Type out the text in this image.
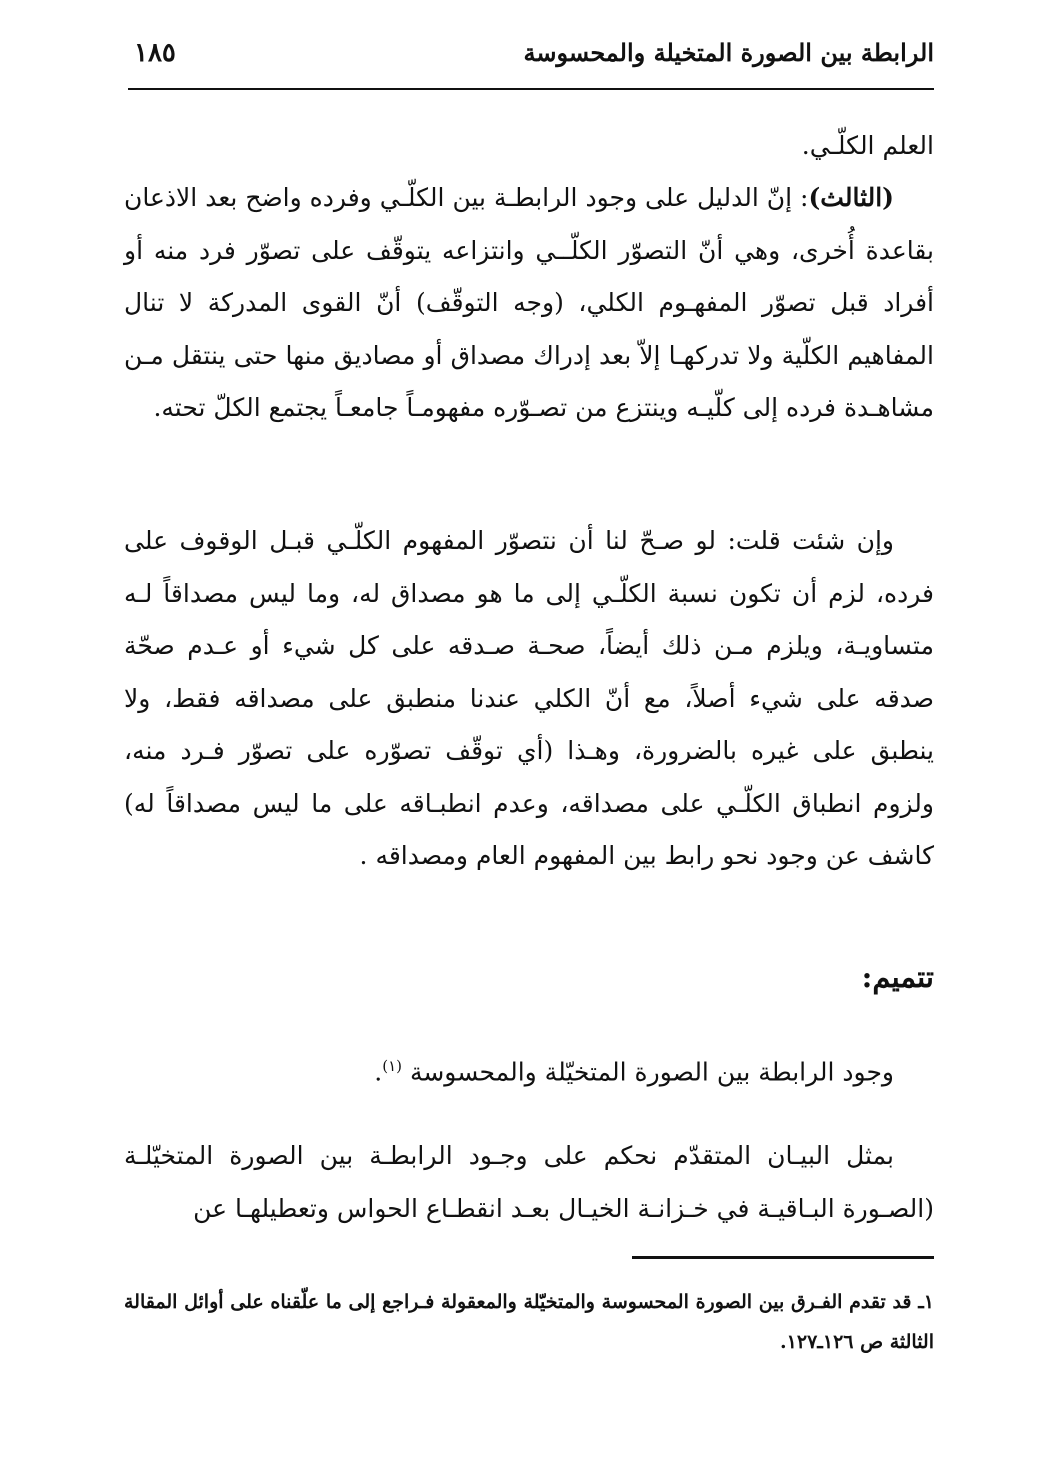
الرابطة بين الصورة المتخيلة والمحسوسة
١٨٥

العلم الكلّـي.

(الثالث): إنّ الدليل على وجود الرابطـة بين الكلّـي وفرده واضح بعد الاذعان بقاعدة أُخرى، وهي أنّ التصوّر الكلّــي وانتزاعه يتوقّف على تصوّر فرد منه أو أفراد قبل تصوّر المفهـوم الكلي، (وجه التوقّف) أنّ القوى المدركة لا تنال المفاهيم الكلّية ولا تدركهـا إلاّ بعد إدراك مصداق أو مصاديق منها حتى ينتقل مـن مشاهـدة فرده إلى كلّيـه وينتزع من تصـوّره مفهومـاً جامعـاً يجتمع الكلّ تحته.

وإن شئت قلت: لو صـحّ لنا أن نتصوّر المفهوم الكلّـي قبـل الوقوف على فرده، لزم أن تكون نسبة الكلّـي إلى ما هو مصداق له، وما ليس مصداقاً لـه متساويـة، ويلزم مـن ذلك أيضاً، صحـة صـدقه على كل شيء أو عـدم صحّة صدقه على شيء أصلاً، مع أنّ الكلي عندنا منطبق على مصداقه فقط، ولا ينطبق على غيره بالضرورة، وهـذا (أي توقّف تصوّره على تصوّر فـرد منه، ولزوم انطباق الكلّـي على مصداقه، وعدم انطبـاقه على ما ليس مصداقاً له) كاشف عن وجود نحو رابط بين المفهوم العام ومصداقه .

تتميم:
وجود الرابطة بين الصورة المتخيّلة والمحسوسة $^{(١)}$.

بمثل البيـان المتقدّم نحكم على وجـود الرابطـة بين الصورة المتخيّلـة (الصـورة البـاقيـة في خـزانـة الخيـال بعـد انقطـاع الحواس وتعطيلهـا عن

١ـ قد تقدم الفـرق بين الصورة المحسوسة والمتخيّلة والمعقولة فـراجع إلى ما علّقناه على أوائل المقالة الثالثة ص ١٢٦ـ١٢٧.
